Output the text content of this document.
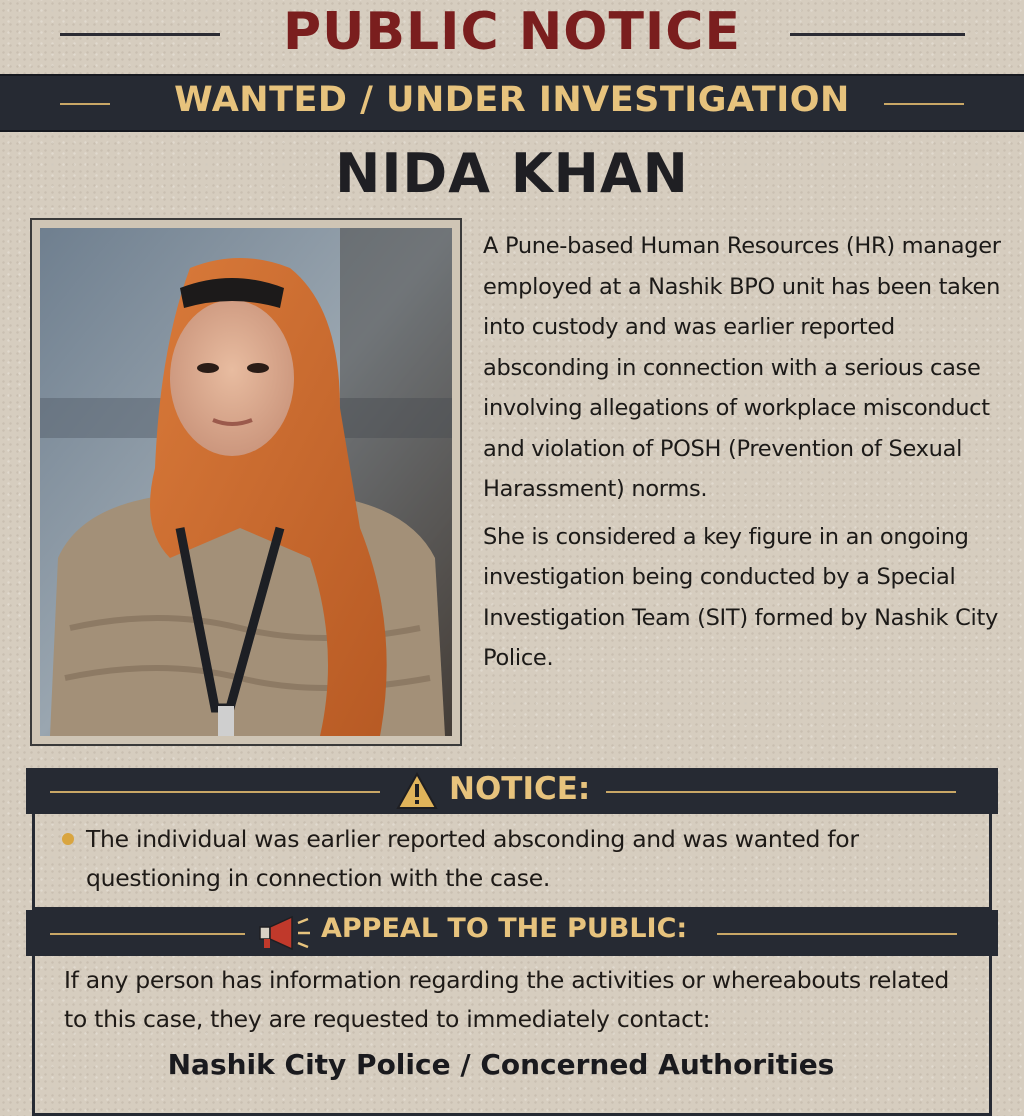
PUBLIC NOTICE
WANTED / UNDER INVESTIGATION
NIDA KHAN

A Pune-based Human Resources (HR) manager employed at a Nashik BPO unit has been taken into custody and was earlier reported absconding in connection with a serious case involving allegations of workplace misconduct and violation of POSH (Prevention of Sexual Harassment) norms.

She is considered a key figure in an ongoing investigation being conducted by a Special Investigation Team (SIT) formed by Nashik City Police.

NOTICE:
The individual was earlier reported absconding and was wanted for questioning in connection with the case.
APPEAL TO THE PUBLIC:
If any person has information regarding the activities or whereabouts related to this case, they are requested to immediately contact:
Nashik City Police / Concerned Authorities
